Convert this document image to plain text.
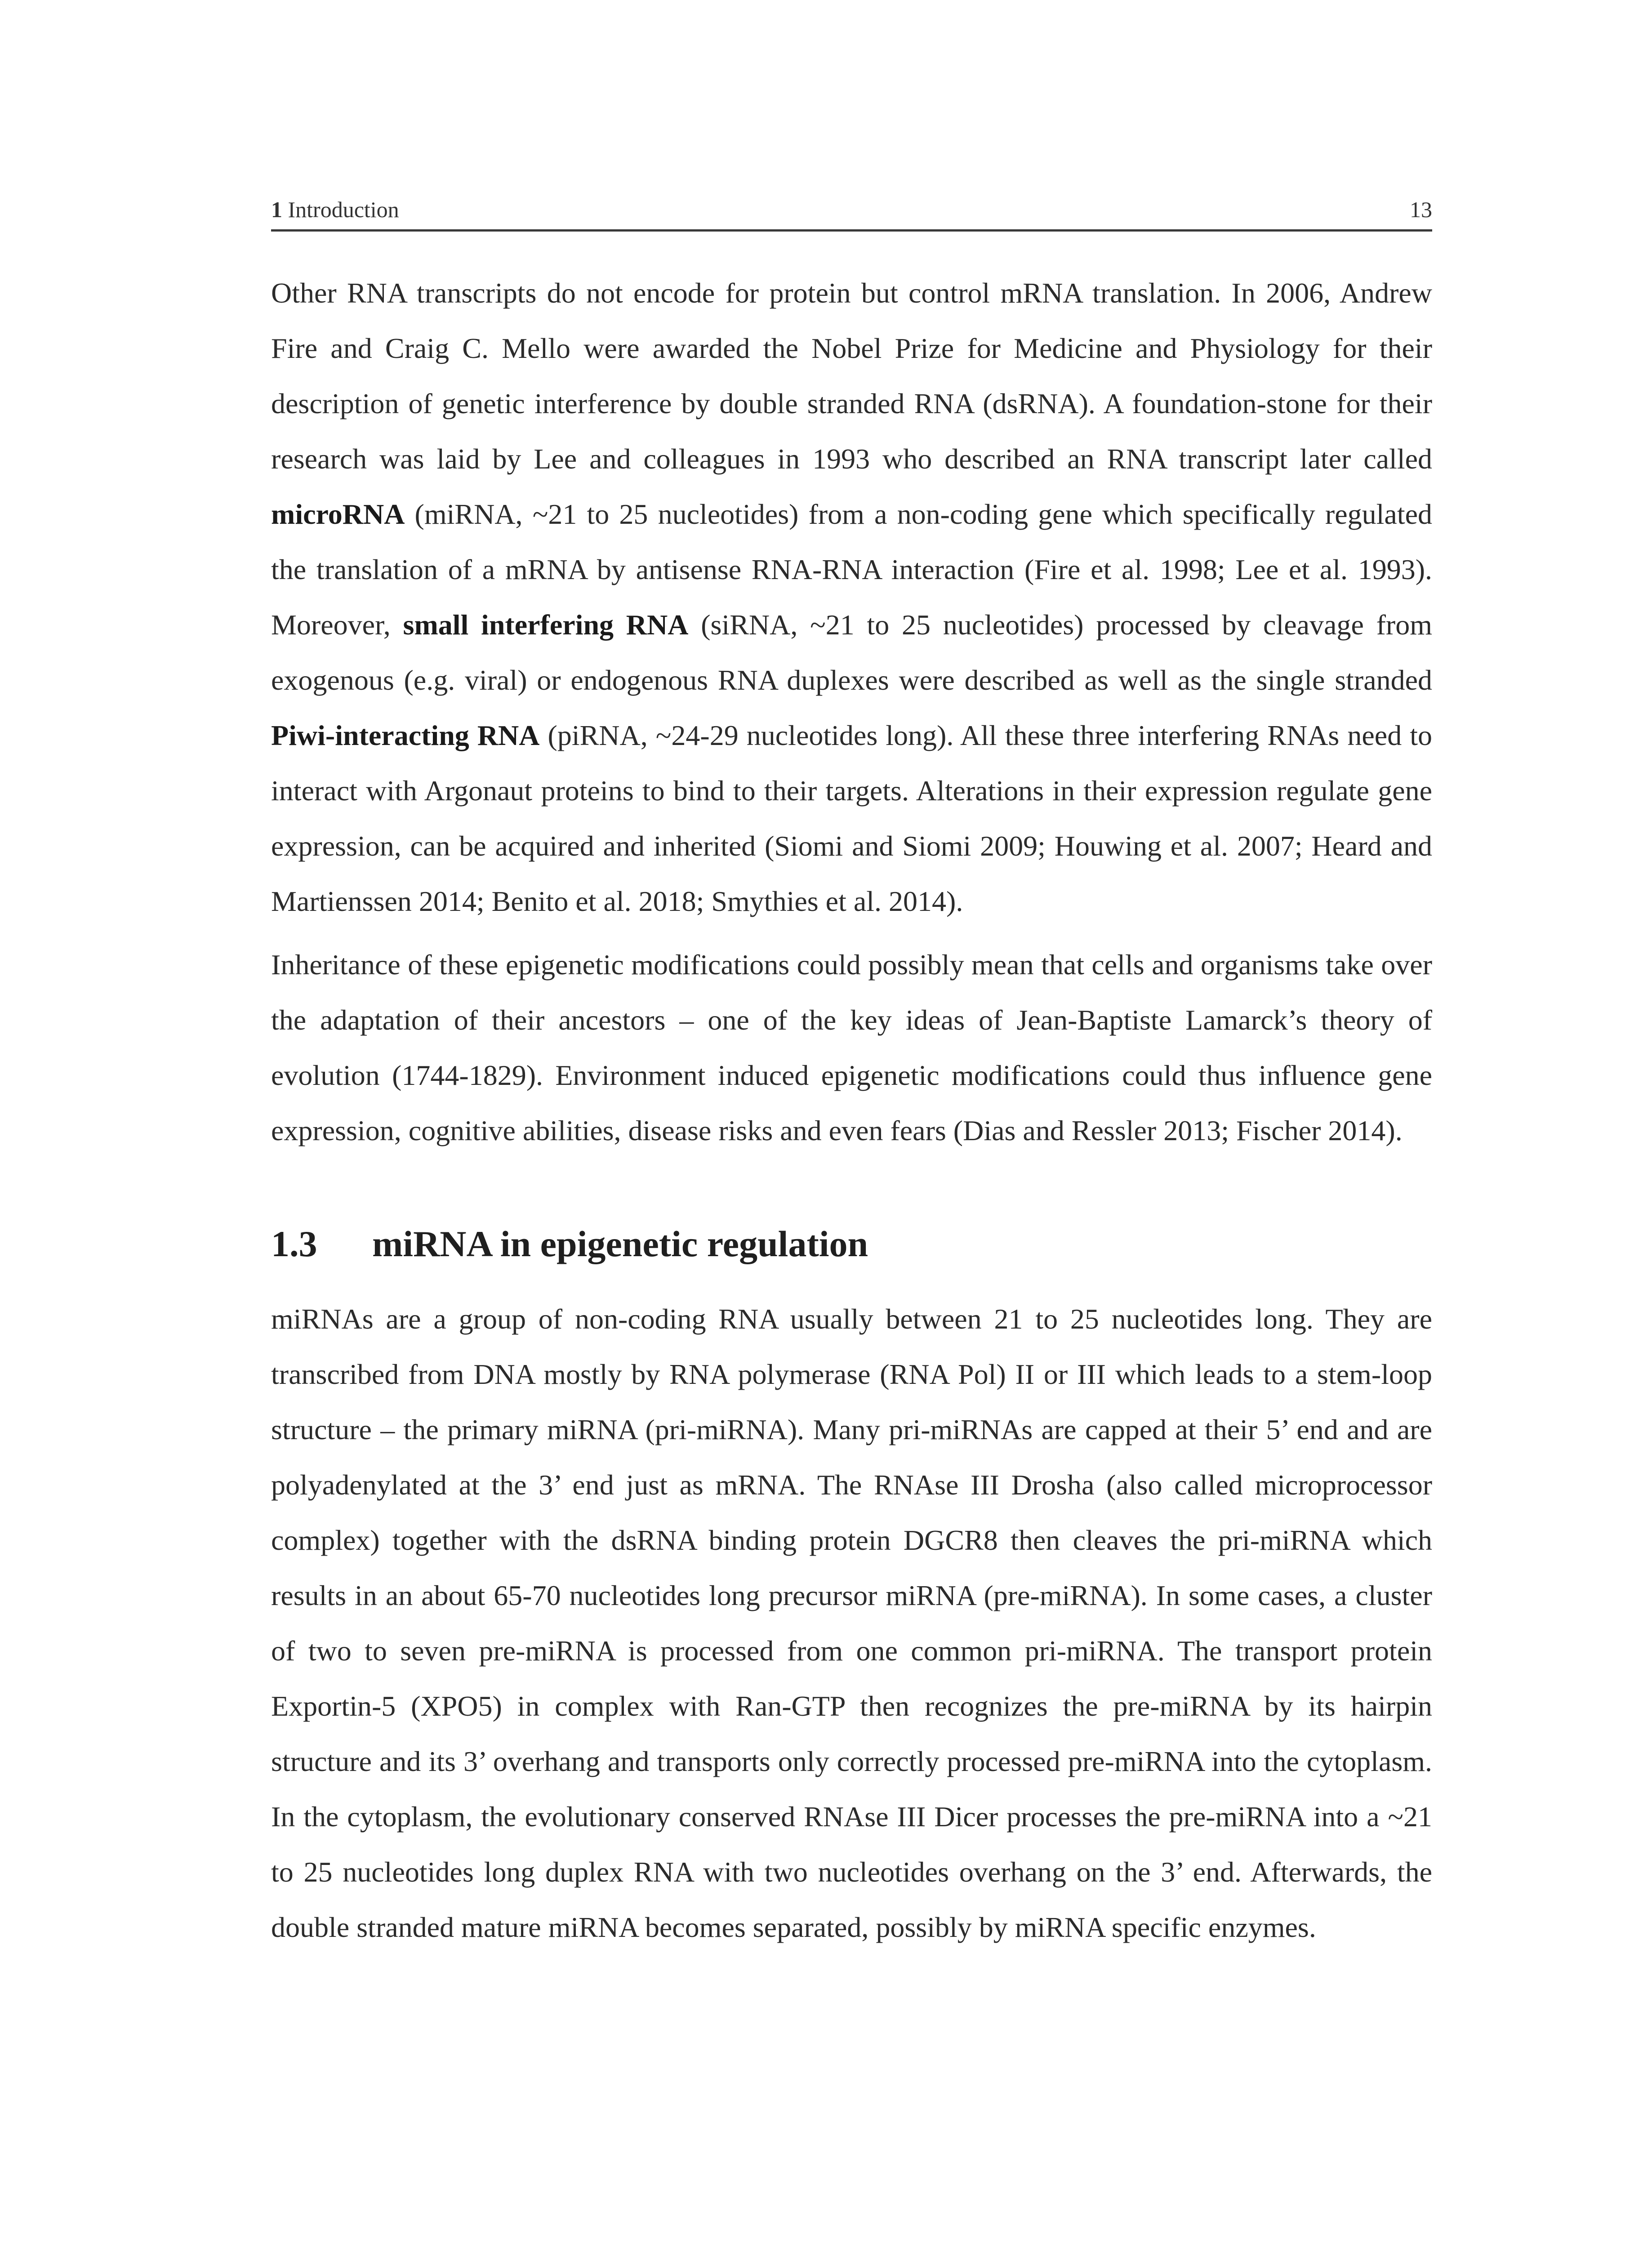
1 Introduction	13

Other RNA transcripts do not encode for protein but control mRNA translation. In 2006, Andrew Fire and Craig C. Mello were awarded the Nobel Prize for Medicine and Physiology for their description of genetic interference by double stranded RNA (dsRNA). A foundation-stone for their research was laid by Lee and colleagues in 1993 who described an RNA transcript later called microRNA (miRNA, ~21 to 25 nucleotides) from a non-coding gene which specifically regulated the translation of a mRNA by antisense RNA-RNA interaction (Fire et al. 1998; Lee et al. 1993). Moreover, small interfering RNA (siRNA, ~21 to 25 nucleotides) processed by cleavage from exogenous (e.g. viral) or endogenous RNA duplexes were described as well as the single stranded Piwi-interacting RNA (piRNA, ~24-29 nucleotides long). All these three interfering RNAs need to interact with Argonaut proteins to bind to their targets. Alterations in their expression regulate gene expression, can be acquired and inherited (Siomi and Siomi 2009; Houwing et al. 2007; Heard and Martienssen 2014; Benito et al. 2018; Smythies et al. 2014).

Inheritance of these epigenetic modifications could possibly mean that cells and organisms take over the adaptation of their ancestors – one of the key ideas of Jean-Baptiste Lamarck’s theory of evolution (1744-1829). Environment induced epigenetic modifications could thus influence gene expression, cognitive abilities, disease risks and even fears (Dias and Ressler 2013; Fischer 2014).

1.3 miRNA in epigenetic regulation

miRNAs are a group of non-coding RNA usually between 21 to 25 nucleotides long. They are transcribed from DNA mostly by RNA polymerase (RNA Pol) II or III which leads to a stem-loop structure – the primary miRNA (pri-miRNA). Many pri-miRNAs are capped at their 5’ end and are polyadenylated at the 3’ end just as mRNA. The RNAse III Drosha (also called microprocessor complex) together with the dsRNA binding protein DGCR8 then cleaves the pri-miRNA which results in an about 65-70 nucleotides long precursor miRNA (pre-miRNA). In some cases, a cluster of two to seven pre-miRNA is processed from one common pri-miRNA. The transport protein Exportin-5 (XPO5) in complex with Ran-GTP then recognizes the pre-miRNA by its hairpin structure and its 3’ overhang and transports only correctly processed pre-miRNA into the cytoplasm. In the cytoplasm, the evolutionary conserved RNAse III Dicer processes the pre-miRNA into a ~21 to 25 nucleotides long duplex RNA with two nucleotides overhang on the 3’ end. Afterwards, the double stranded mature miRNA becomes separated, possibly by miRNA specific enzymes.
